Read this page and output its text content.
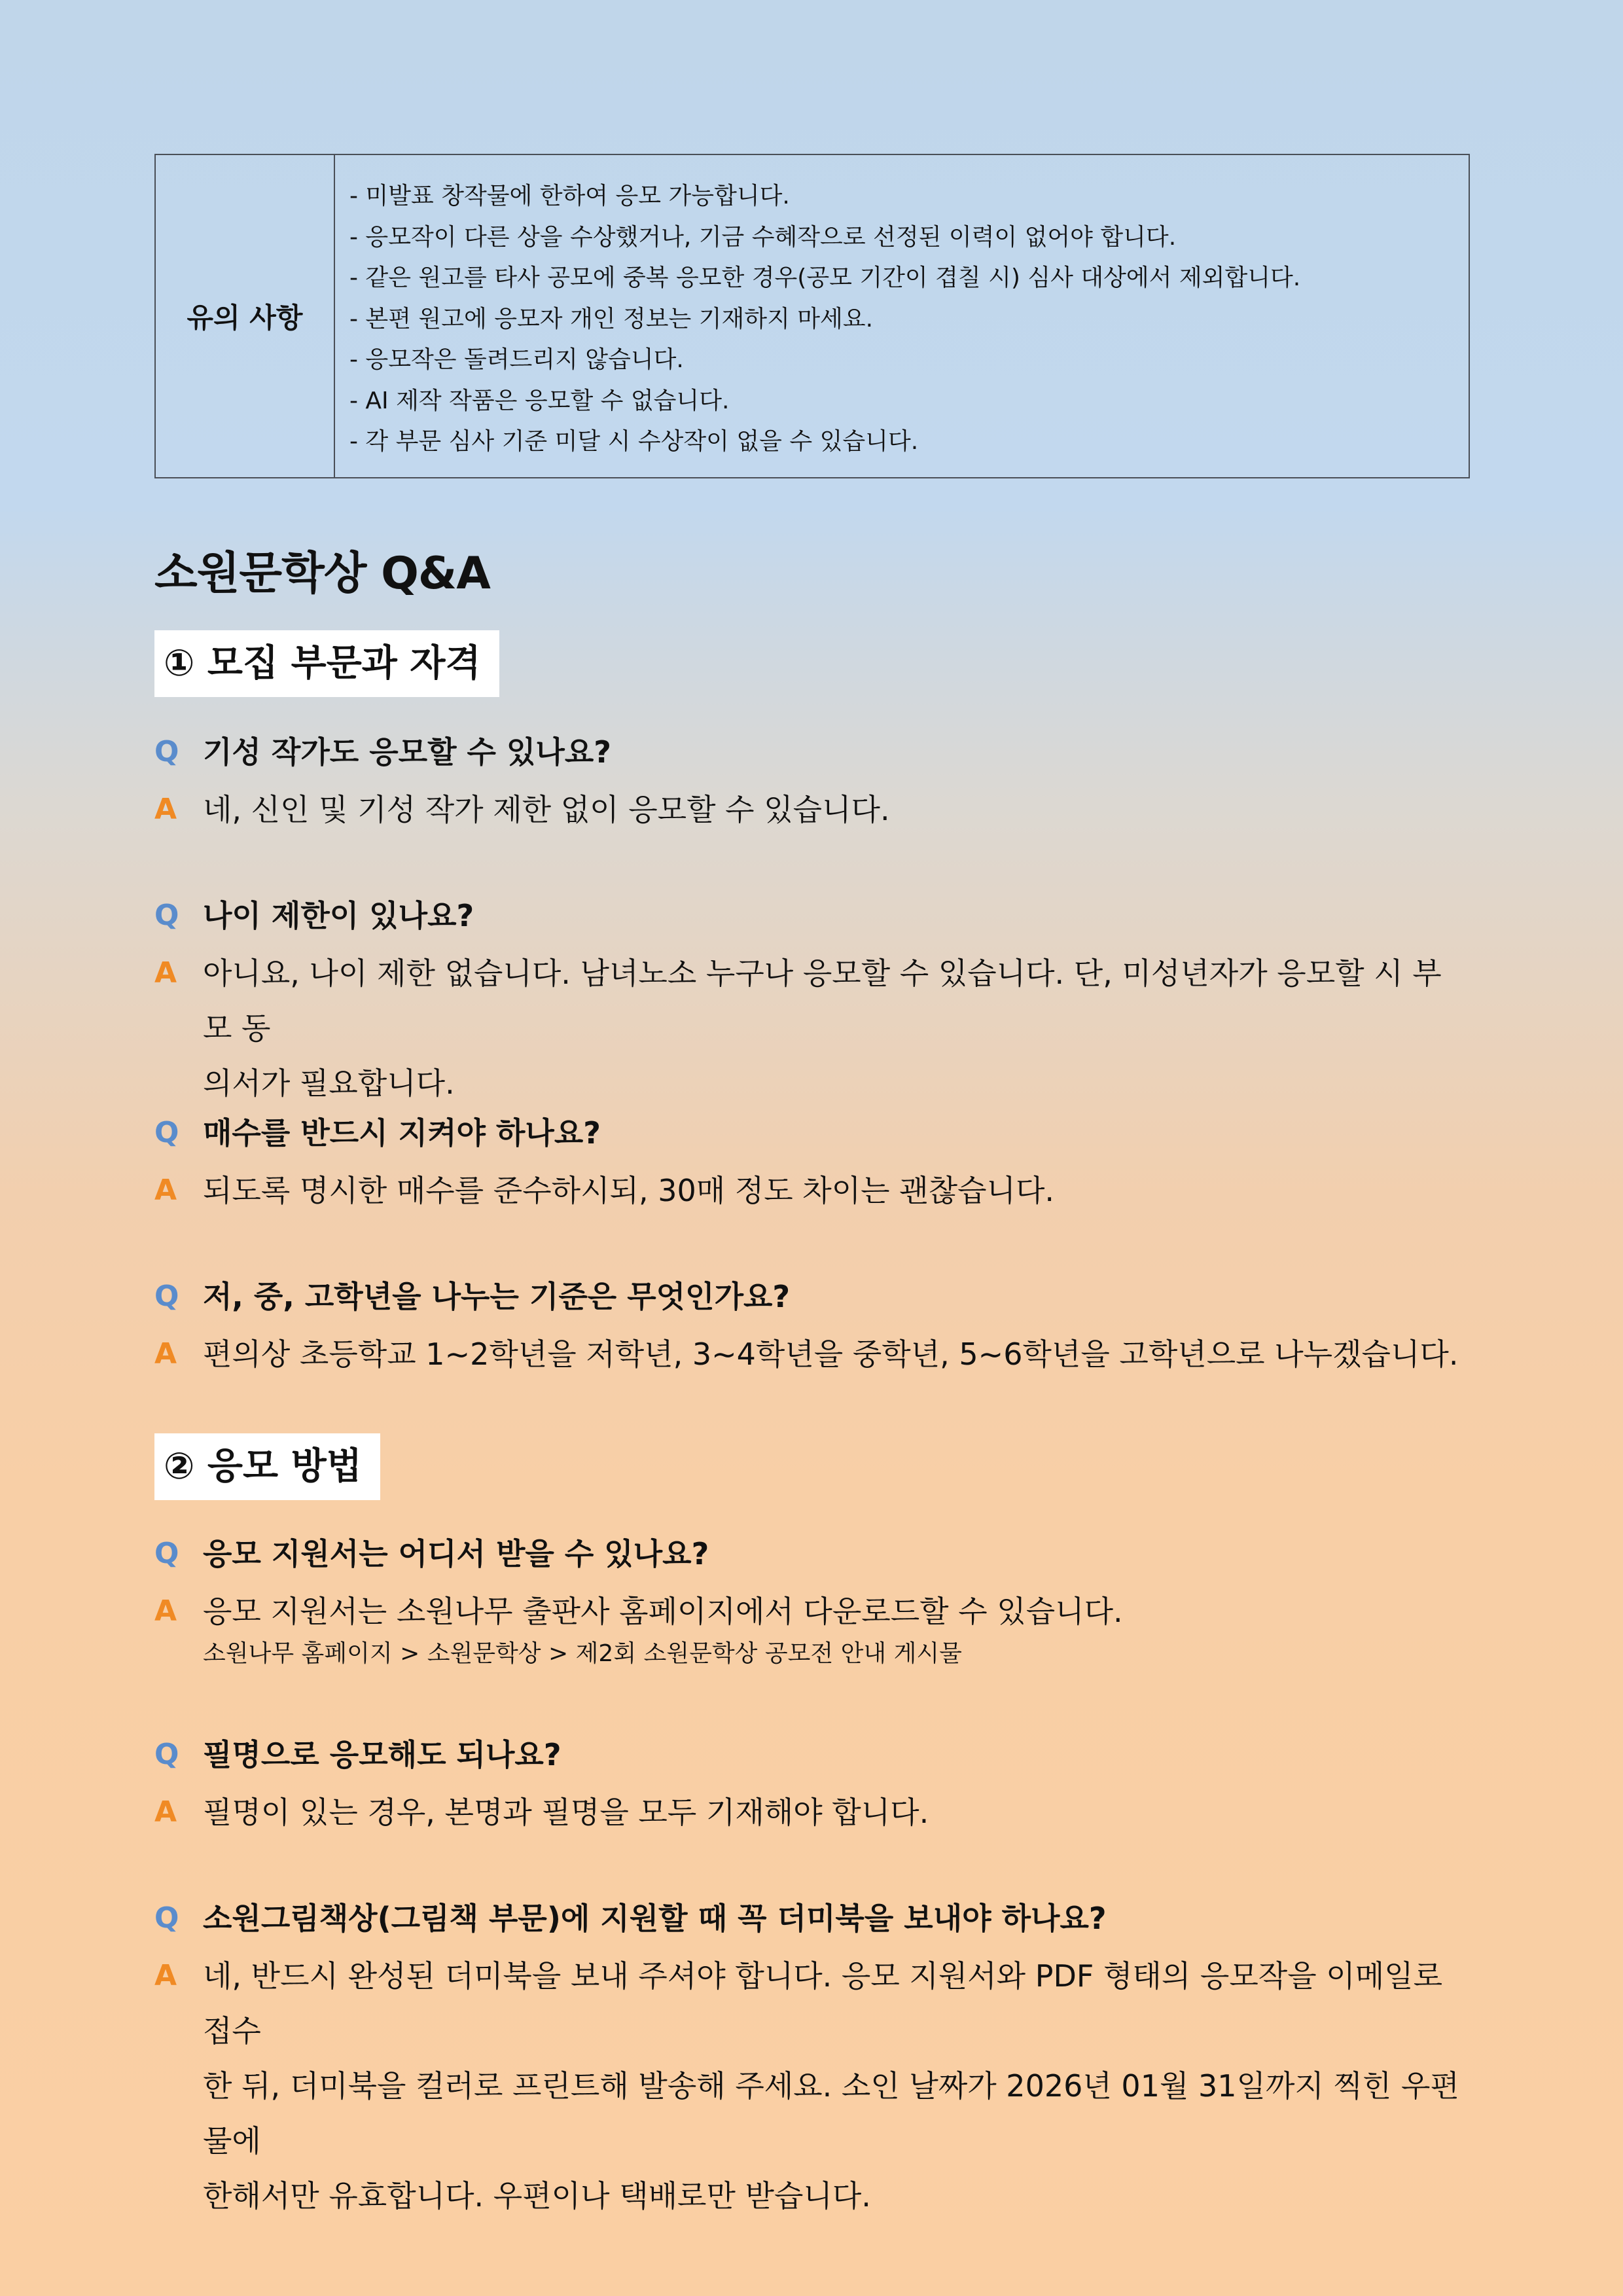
유의 사항
- 미발표 창작물에 한하여 응모 가능합니다.
- 응모작이 다른 상을 수상했거나, 기금 수혜작으로 선정된 이력이 없어야 합니다.
- 같은 원고를 타사 공모에 중복 응모한 경우(공모 기간이 겹칠 시) 심사 대상에서 제외합니다.
- 본편 원고에 응모자 개인 정보는 기재하지 마세요.
- 응모작은 돌려드리지 않습니다.
- AI 제작 작품은 응모할 수 없습니다.
- 각 부문 심사 기준 미달 시 수상작이 없을 수 있습니다.
소원문학상 Q&A
① 모집 부문과 자격
Q 기성 작가도 응모할 수 있나요?
A 네, 신인 및 기성 작가 제한 없이 응모할 수 있습니다.
Q 나이 제한이 있나요?
A 아니요, 나이 제한 없습니다. 남녀노소 누구나 응모할 수 있습니다. 단, 미성년자가 응모할 시 부모 동
의서가 필요합니다.
Q 매수를 반드시 지켜야 하나요?
A 되도록 명시한 매수를 준수하시되, 30매 정도 차이는 괜찮습니다.
Q 저, 중, 고학년을 나누는 기준은 무엇인가요?
A 편의상 초등학교 1~2학년을 저학년, 3~4학년을 중학년, 5~6학년을 고학년으로 나누겠습니다.
② 응모 방법
Q 응모 지원서는 어디서 받을 수 있나요?
A 응모 지원서는 소원나무 출판사 홈페이지에서 다운로드할 수 있습니다.
소원나무 홈페이지 > 소원문학상 > 제2회 소원문학상 공모전 안내 게시물
Q 필명으로 응모해도 되나요?
A 필명이 있는 경우, 본명과 필명을 모두 기재해야 합니다.
Q 소원그림책상(그림책 부문)에 지원할 때 꼭 더미북을 보내야 하나요?
A 네, 반드시 완성된 더미북을 보내 주셔야 합니다. 응모 지원서와 PDF 형태의 응모작을 이메일로 접수
한 뒤, 더미북을 컬러로 프린트해 발송해 주세요. 소인 날짜가 2026년 01월 31일까지 찍힌 우편물에
한해서만 유효합니다. 우편이나 택배로만 받습니다.
